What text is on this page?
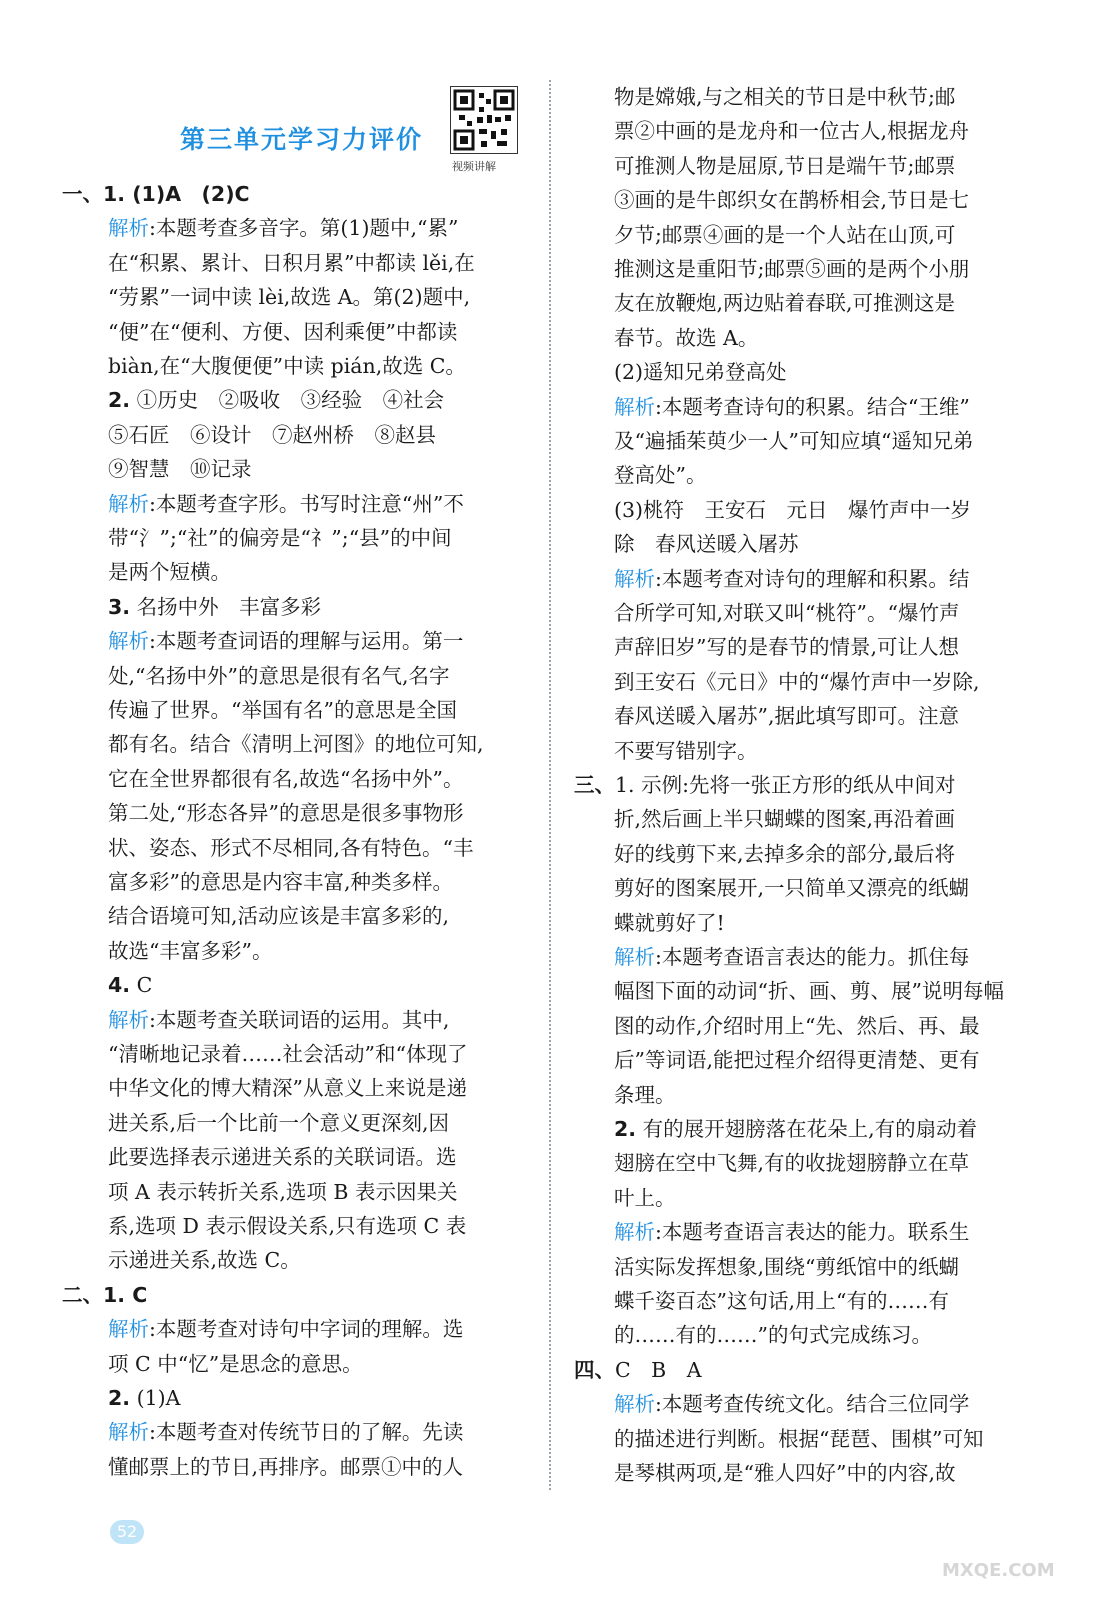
第三单元学习力评价
视频讲解
一、1. (1)A　(2)C
解析:本题考查多音字。第(1)题中,“累”
在“积累、累计、日积月累”中都读 lěi,在
“劳累”一词中读 lèi,故选 A。第(2)题中,
“便”在“便利、方便、因利乘便”中都读
biàn,在“大腹便便”中读 pián,故选 C。
2. ①历史　②吸收　③经验　④社会
⑤石匠　⑥设计　⑦赵州桥　⑧赵县
⑨智慧　⑩记录
解析:本题考查字形。书写时注意“州”不
带“氵”;“社”的偏旁是“礻”;“县”的中间
是两个短横。
3. 名扬中外　丰富多彩
解析:本题考查词语的理解与运用。第一
处,“名扬中外”的意思是很有名气,名字
传遍了世界。“举国有名”的意思是全国
都有名。结合《清明上河图》的地位可知,
它在全世界都很有名,故选“名扬中外”。
第二处,“形态各异”的意思是很多事物形
状、姿态、形式不尽相同,各有特色。“丰
富多彩”的意思是内容丰富,种类多样。
结合语境可知,活动应该是丰富多彩的,
故选“丰富多彩”。
4. C
解析:本题考查关联词语的运用。其中,
“清晰地记录着……社会活动”和“体现了
中华文化的博大精深”从意义上来说是递
进关系,后一个比前一个意义更深刻,因
此要选择表示递进关系的关联词语。选
项 A 表示转折关系,选项 B 表示因果关
系,选项 D 表示假设关系,只有选项 C 表
示递进关系,故选 C。
二、1. C
解析:本题考查对诗句中字词的理解。选
项 C 中“忆”是思念的意思。
2. (1)A
解析:本题考查对传统节日的了解。先读
懂邮票上的节日,再排序。邮票①中的人
物是嫦娥,与之相关的节日是中秋节;邮
票②中画的是龙舟和一位古人,根据龙舟
可推测人物是屈原,节日是端午节;邮票
③画的是牛郎织女在鹊桥相会,节日是七
夕节;邮票④画的是一个人站在山顶,可
推测这是重阳节;邮票⑤画的是两个小朋
友在放鞭炮,两边贴着春联,可推测这是
春节。故选 A。
(2)遥知兄弟登高处
解析:本题考查诗句的积累。结合“王维”
及“遍插茱萸少一人”可知应填“遥知兄弟
登高处”。
(3)桃符　王安石　元日　爆竹声中一岁
除　春风送暖入屠苏
解析:本题考查对诗句的理解和积累。结
合所学可知,对联又叫“桃符”。“爆竹声
声辞旧岁”写的是春节的情景,可让人想
到王安石《元日》中的“爆竹声中一岁除,
春风送暖入屠苏”,据此填写即可。注意
不要写错别字。
三、1. 示例:先将一张正方形的纸从中间对
折,然后画上半只蝴蝶的图案,再沿着画
好的线剪下来,去掉多余的部分,最后将
剪好的图案展开,一只简单又漂亮的纸蝴
蝶就剪好了!
解析:本题考查语言表达的能力。抓住每
幅图下面的动词“折、画、剪、展”说明每幅
图的动作,介绍时用上“先、然后、再、最
后”等词语,能把过程介绍得更清楚、更有
条理。
2. 有的展开翅膀落在花朵上,有的扇动着
翅膀在空中飞舞,有的收拢翅膀静立在草
叶上。
解析:本题考查语言表达的能力。联系生
活实际发挥想象,围绕“剪纸馆中的纸蝴
蝶千姿百态”这句话,用上“有的……有
的……有的……”的句式完成练习。
四、C　B　A
解析:本题考查传统文化。结合三位同学
的描述进行判断。根据“琵琶、围棋”可知
是琴棋两项,是“雅人四好”中的内容,故
52
MXQE.COM
